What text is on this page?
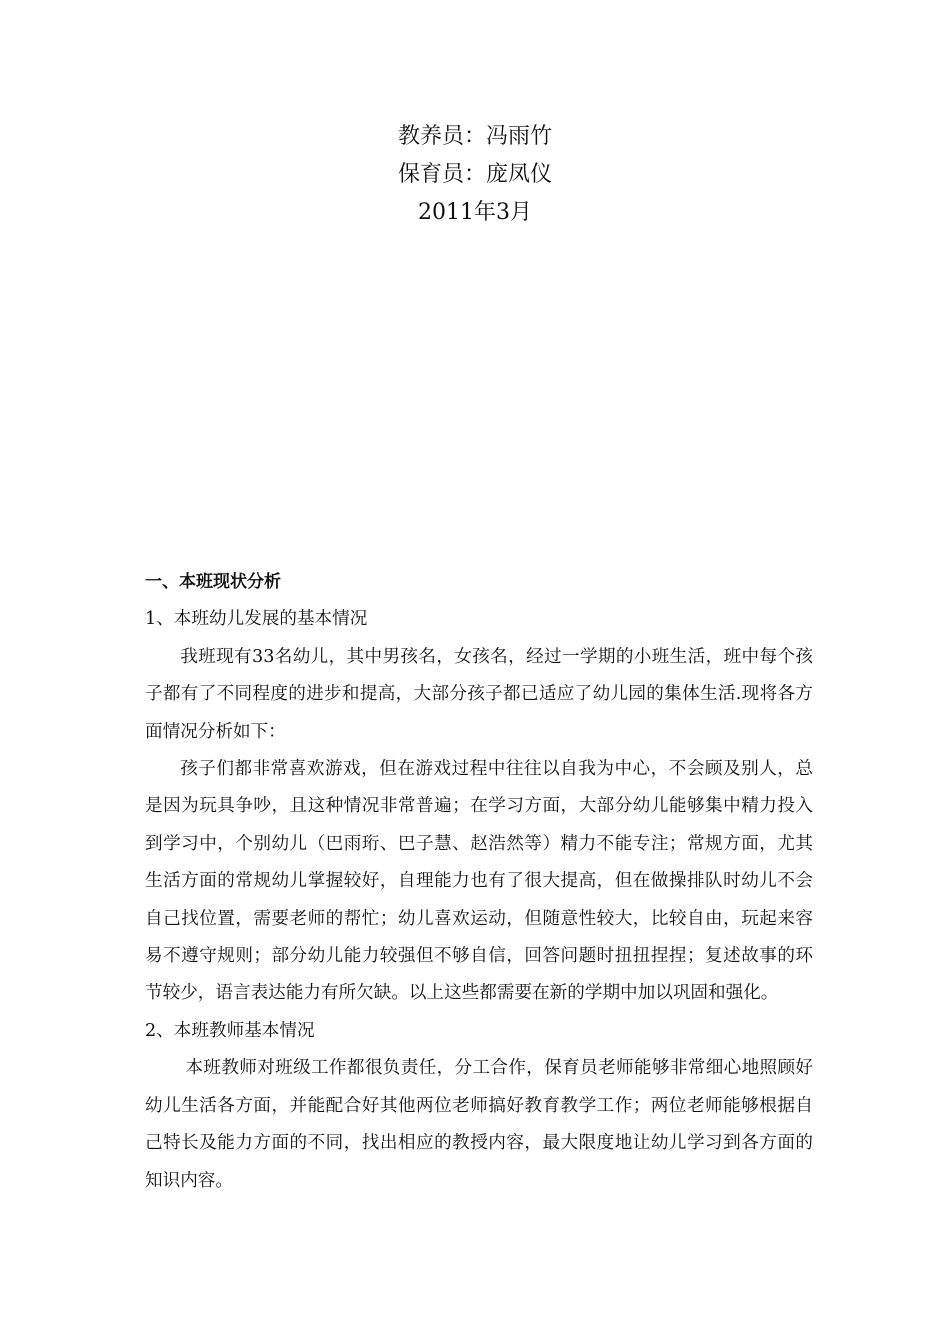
教养员：冯雨竹
保育员：庞凤仪
2011年3月

一、本班现状分析

1、本班幼儿发展的基本情况

我班现有33名幼儿，其中男孩名，女孩名，经过一学期的小班生活，班中每个孩子都有了不同程度的进步和提高，大部分孩子都已适应了幼儿园的集体生活.现将各方面情况分析如下：

孩子们都非常喜欢游戏，但在游戏过程中往往以自我为中心，不会顾及别人，总是因为玩具争吵，且这种情况非常普遍；在学习方面，大部分幼儿能够集中精力投入到学习中，个别幼儿（巴雨珩、巴子慧、赵浩然等）精力不能专注；常规方面，尤其生活方面的常规幼儿掌握较好，自理能力也有了很大提高，但在做操排队时幼儿不会自己找位置，需要老师的帮忙；幼儿喜欢运动，但随意性较大，比较自由，玩起来容易不遵守规则；部分幼儿能力较强但不够自信，回答问题时扭扭捏捏；复述故事的环节较少，语言表达能力有所欠缺。以上这些都需要在新的学期中加以巩固和强化。

2、本班教师基本情况

本班教师对班级工作都很负责任，分工合作，保育员老师能够非常细心地照顾好幼儿生活各方面，并能配合好其他两位老师搞好教育教学工作；两位老师能够根据自己特长及能力方面的不同，找出相应的教授内容，最大限度地让幼儿学习到各方面的知识内容。
